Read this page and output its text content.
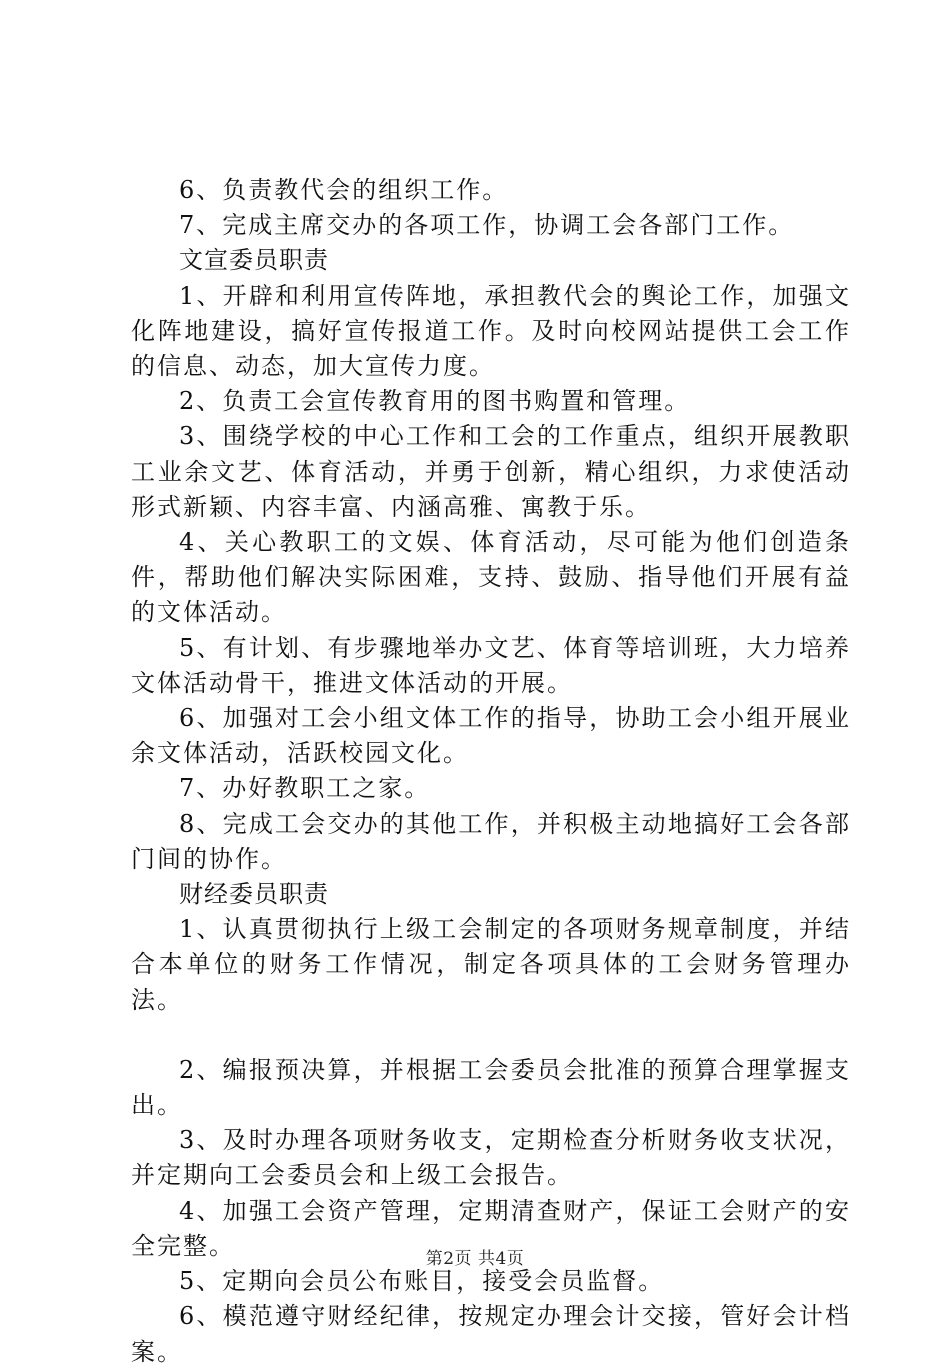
6、负责教代会的组织工作。

7、完成主席交办的各项工作，协调工会各部门工作。

文宣委员职责

1、开辟和利用宣传阵地，承担教代会的舆论工作，加强文化阵地建设，搞好宣传报道工作。及时向校网站提供工会工作的信息、动态，加大宣传力度。

2、负责工会宣传教育用的图书购置和管理。

3、围绕学校的中心工作和工会的工作重点，组织开展教职工业余文艺、体育活动，并勇于创新，精心组织，力求使活动形式新颖、内容丰富、内涵高雅、寓教于乐。

4、关心教职工的文娱、体育活动，尽可能为他们创造条件，帮助他们解决实际困难，支持、鼓励、指导他们开展有益的文体活动。

5、有计划、有步骤地举办文艺、体育等培训班，大力培养文体活动骨干，推进文体活动的开展。

6、加强对工会小组文体工作的指导，协助工会小组开展业余文体活动，活跃校园文化。

7、办好教职工之家。

8、完成工会交办的其他工作，并积极主动地搞好工会各部门间的协作。

财经委员职责

1、认真贯彻执行上级工会制定的各项财务规章制度，并结合本单位的财务工作情况，制定各项具体的工会财务管理办法。

2、编报预决算，并根据工会委员会批准的预算合理掌握支出。

3、及时办理各项财务收支，定期检查分析财务收支状况，并定期向工会委员会和上级工会报告。

4、加强工会资产管理，定期清查财产，保证工会财产的安全完整。

5、定期向会员公布账目，接受会员监督。

6、模范遵守财经纪律，按规定办理会计交接，管好会计档案。

第2页 共4页
